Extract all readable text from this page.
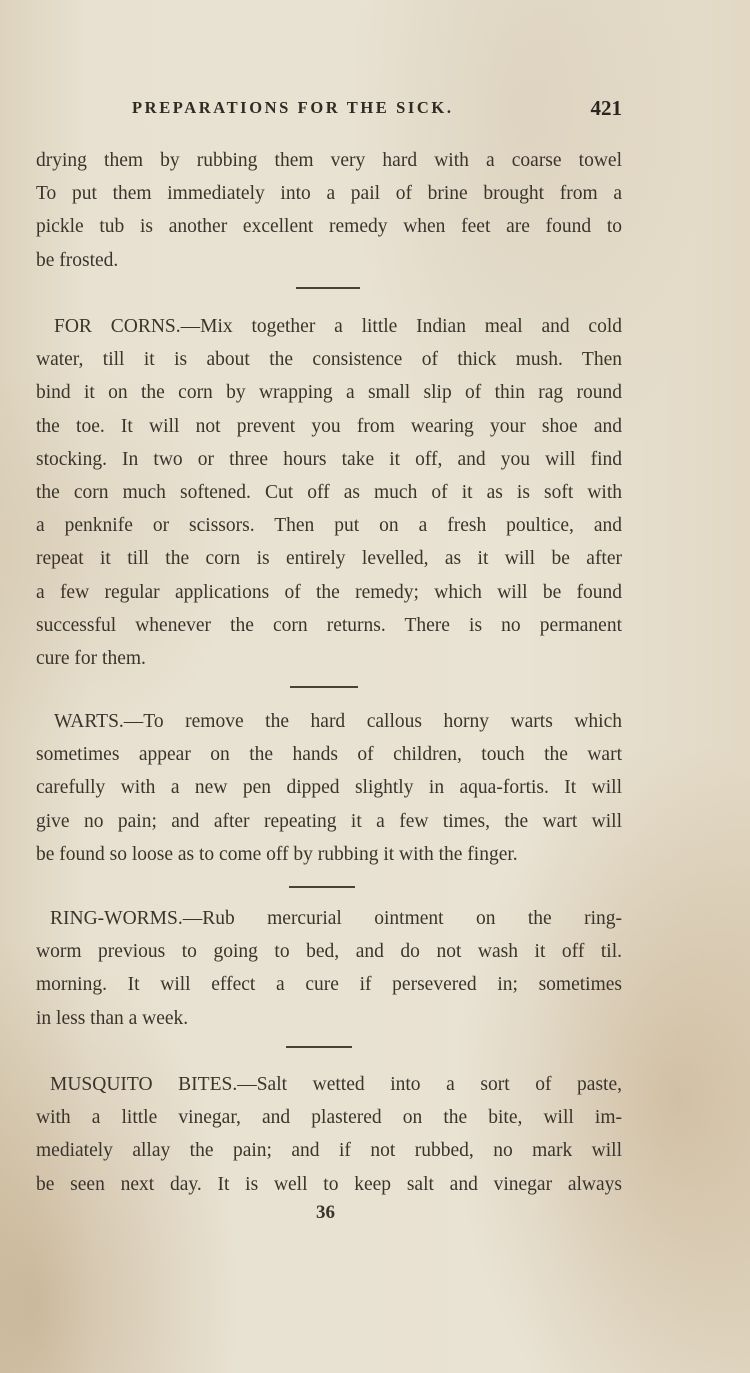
PREPARATIONS FOR THE SICK.	421
drying them by rubbing them very hard with a coarse towel
To put them immediately into a pail of brine brought from a
pickle tub is another excellent remedy when feet are found to
be frosted.
FOR CORNS.—Mix together a little Indian meal and cold
water, till it is about the consistence of thick mush. Then
bind it on the corn by wrapping a small slip of thin rag round
the toe. It will not prevent you from wearing your shoe and
stocking. In two or three hours take it off, and you will find
the corn much softened. Cut off as much of it as is soft with
a penknife or scissors. Then put on a fresh poultice, and
repeat it till the corn is entirely levelled, as it will be after
a few regular applications of the remedy; which will be found
successful whenever the corn returns. There is no permanent
cure for them.
WARTS.—To remove the hard callous horny warts which
sometimes appear on the hands of children, touch the wart
carefully with a new pen dipped slightly in aqua-fortis. It will
give no pain; and after repeating it a few times, the wart will
be found so loose as to come off by rubbing it with the finger.
RING-WORMS.—Rub mercurial ointment on the ring-
worm previous to going to bed, and do not wash it off til.
morning. It will effect a cure if persevered in; sometimes
in less than a week.
MUSQUITO BITES.—Salt wetted into a sort of paste,
with a little vinegar, and plastered on the bite, will im-
mediately allay the pain; and if not rubbed, no mark will
be seen next day. It is well to keep salt and vinegar always
36
